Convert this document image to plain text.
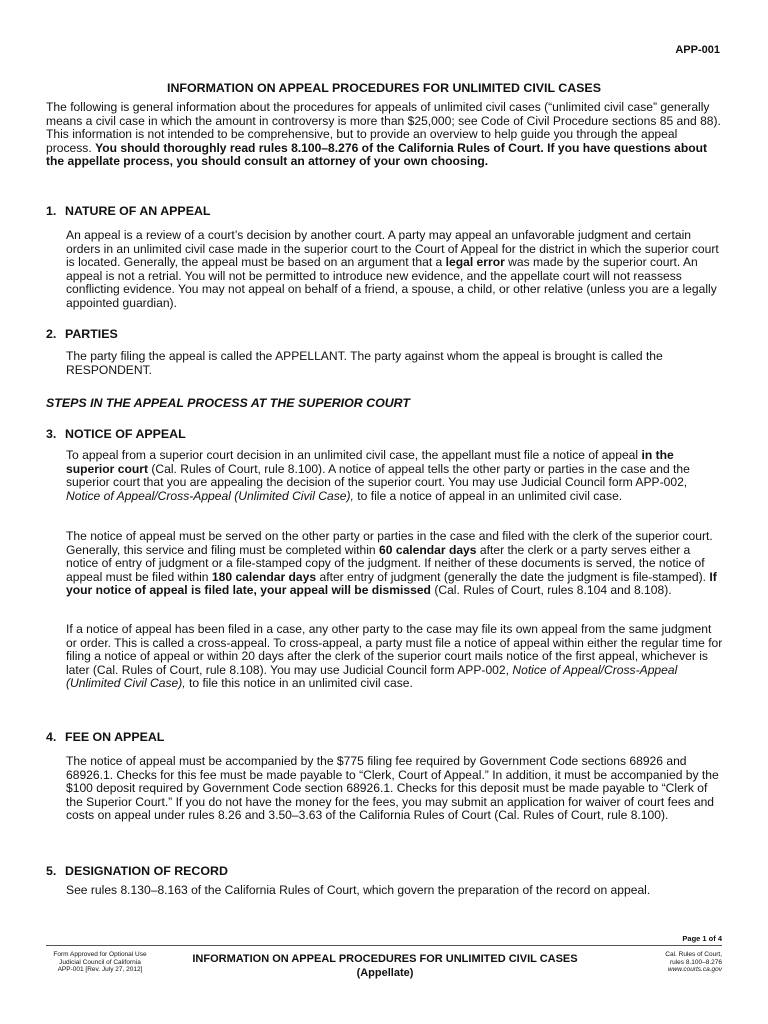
APP-001
INFORMATION ON APPEAL PROCEDURES FOR UNLIMITED CIVIL CASES
The following is general information about the procedures for appeals of unlimited civil cases (“unlimited civil case” generally means a civil case in which the amount in controversy is more than $25,000; see Code of Civil Procedure sections 85 and 88). This information is not intended to be comprehensive, but to provide an overview to help guide you through the appeal process. You should thoroughly read rules 8.100–8.276 of the California Rules of Court. If you have questions about the appellate process, you should consult an attorney of your own choosing.
1. NATURE OF AN APPEAL
An appeal is a review of a court’s decision by another court. A party may appeal an unfavorable judgment and certain orders in an unlimited civil case made in the superior court to the Court of Appeal for the district in which the superior court is located. Generally, the appeal must be based on an argument that a legal error was made by the superior court. An appeal is not a retrial. You will not be permitted to introduce new evidence, and the appellate court will not reassess conflicting evidence. You may not appeal on behalf of a friend, a spouse, a child, or other relative (unless you are a legally appointed guardian).
2. PARTIES
The party filing the appeal is called the APPELLANT. The party against whom the appeal is brought is called the RESPONDENT.
STEPS IN THE APPEAL PROCESS AT THE SUPERIOR COURT
3. NOTICE OF APPEAL
To appeal from a superior court decision in an unlimited civil case, the appellant must file a notice of appeal in the superior court (Cal. Rules of Court, rule 8.100). A notice of appeal tells the other party or parties in the case and the superior court that you are appealing the decision of the superior court. You may use Judicial Council form APP-002, Notice of Appeal/Cross-Appeal (Unlimited Civil Case), to file a notice of appeal in an unlimited civil case.
The notice of appeal must be served on the other party or parties in the case and filed with the clerk of the superior court. Generally, this service and filing must be completed within 60 calendar days after the clerk or a party serves either a notice of entry of judgment or a file-stamped copy of the judgment. If neither of these documents is served, the notice of appeal must be filed within 180 calendar days after entry of judgment (generally the date the judgment is file-stamped). If your notice of appeal is filed late, your appeal will be dismissed (Cal. Rules of Court, rules 8.104 and 8.108).
If a notice of appeal has been filed in a case, any other party to the case may file its own appeal from the same judgment or order. This is called a cross-appeal. To cross-appeal, a party must file a notice of appeal within either the regular time for filing a notice of appeal or within 20 days after the clerk of the superior court mails notice of the first appeal, whichever is later (Cal. Rules of Court, rule 8.108). You may use Judicial Council form APP-002, Notice of Appeal/Cross-Appeal (Unlimited Civil Case), to file this notice in an unlimited civil case.
4. FEE ON APPEAL
The notice of appeal must be accompanied by the $775 filing fee required by Government Code sections 68926 and 68926.1. Checks for this fee must be made payable to “Clerk, Court of Appeal.” In addition, it must be accompanied by the $100 deposit required by Government Code section 68926.1. Checks for this deposit must be made payable to “Clerk of the Superior Court.” If you do not have the money for the fees, you may submit an application for waiver of court fees and costs on appeal under rules 8.26 and 3.50–3.63 of the California Rules of Court (Cal. Rules of Court, rule 8.100).
5. DESIGNATION OF RECORD
See rules 8.130–8.163 of the California Rules of Court, which govern the preparation of the record on appeal.
Page 1 of 4
Form Approved for Optional Use
Judicial Council of California
APP-001 [Rev. July 27, 2012]
INFORMATION ON APPEAL PROCEDURES FOR UNLIMITED CIVIL CASES
(Appellate)
Cal. Rules of Court,
rules 8.100–8.276
www.courts.ca.gov
